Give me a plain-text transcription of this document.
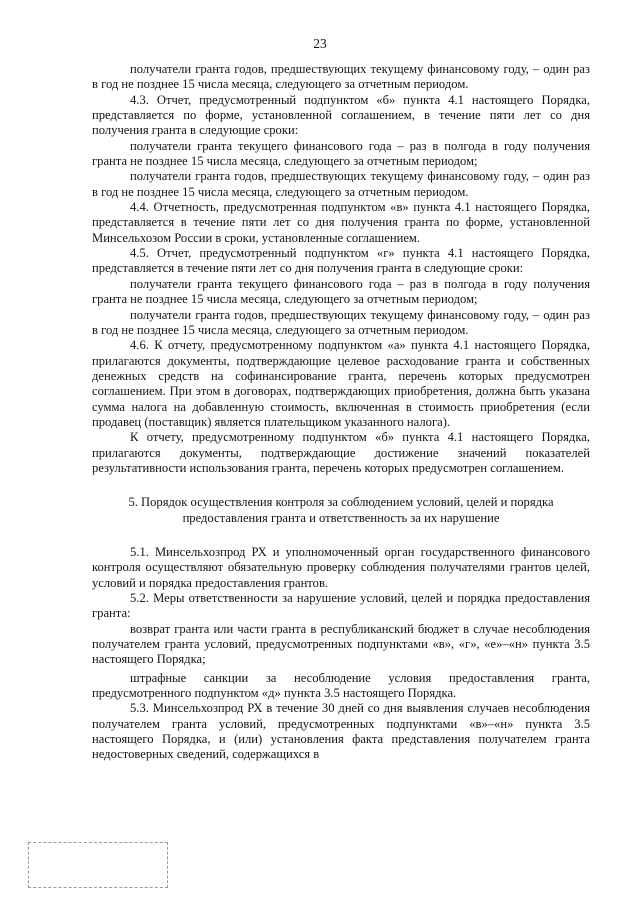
23

получатели гранта годов, предшествующих текущему финансовому году, – один раз в год не позднее 15 числа месяца, следующего за отчетным периодом.

4.3. Отчет, предусмотренный подпунктом «б» пункта 4.1 настоящего Порядка, представляется по форме, установленной соглашением, в течение пяти лет со дня получения гранта в следующие сроки:

получатели гранта текущего финансового года – раз в полгода в году получения гранта не позднее 15 числа месяца, следующего за отчетным периодом;

получатели гранта годов, предшествующих текущему финансовому году, – один раз в год не позднее 15 числа месяца, следующего за отчетным периодом.

4.4. Отчетность, предусмотренная подпунктом «в» пункта 4.1 настоящего Порядка, представляется в течение пяти лет со дня получения гранта по форме, установленной Минсельхозом России в сроки, установленные соглашением.

4.5. Отчет, предусмотренный подпунктом «г» пункта 4.1 настоящего Порядка, представляется в течение пяти лет со дня получения гранта в следующие сроки:

получатели гранта текущего финансового года – раз в полгода в году получения гранта не позднее 15 числа месяца, следующего за отчетным периодом;

получатели гранта годов, предшествующих текущему финансовому году, – один раз в год не позднее 15 числа месяца, следующего за отчетным периодом.

4.6. К отчету, предусмотренному подпунктом «а» пункта 4.1 настоящего Порядка, прилагаются документы, подтверждающие целевое расходование гранта и собственных денежных средств на софинансирование гранта, перечень которых предусмотрен соглашением. При этом в договорах, подтверждающих приобретения, должна быть указана сумма налога на добавленную стоимость, включенная в стоимость приобретения (если продавец (поставщик) является плательщиком указанного налога).

К отчету, предусмотренному подпунктом «б» пункта 4.1 настоящего Порядка, прилагаются документы, подтверждающие достижение значений показателей результативности использования гранта, перечень которых предусмотрен соглашением.

5. Порядок осуществления контроля за соблюдением условий, целей и порядка предоставления гранта и ответственность за их нарушение

5.1. Минсельхозпрод РХ и уполномоченный орган государственного финансового контроля осуществляют обязательную проверку соблюдения получателями грантов целей, условий и порядка предоставления грантов.

5.2. Меры ответственности за нарушение условий, целей и порядка предоставления гранта:

возврат гранта или части гранта в республиканский бюджет в случае несоблюдения получателем гранта условий, предусмотренных подпунктами «в», «г», «е»–«н» пункта 3.5 настоящего Порядка;

штрафные санкции за несоблюдение условия предоставления гранта, предусмотренного подпунктом «д» пункта 3.5 настоящего Порядка.

5.3. Минсельхозпрод РХ в течение 30 дней со дня выявления случаев несоблюдения получателем гранта условий, предусмотренных подпунктами «в»–«н» пункта 3.5 настоящего Порядка, и (или) установления факта представления получателем гранта недостоверных сведений, содержащихся в
